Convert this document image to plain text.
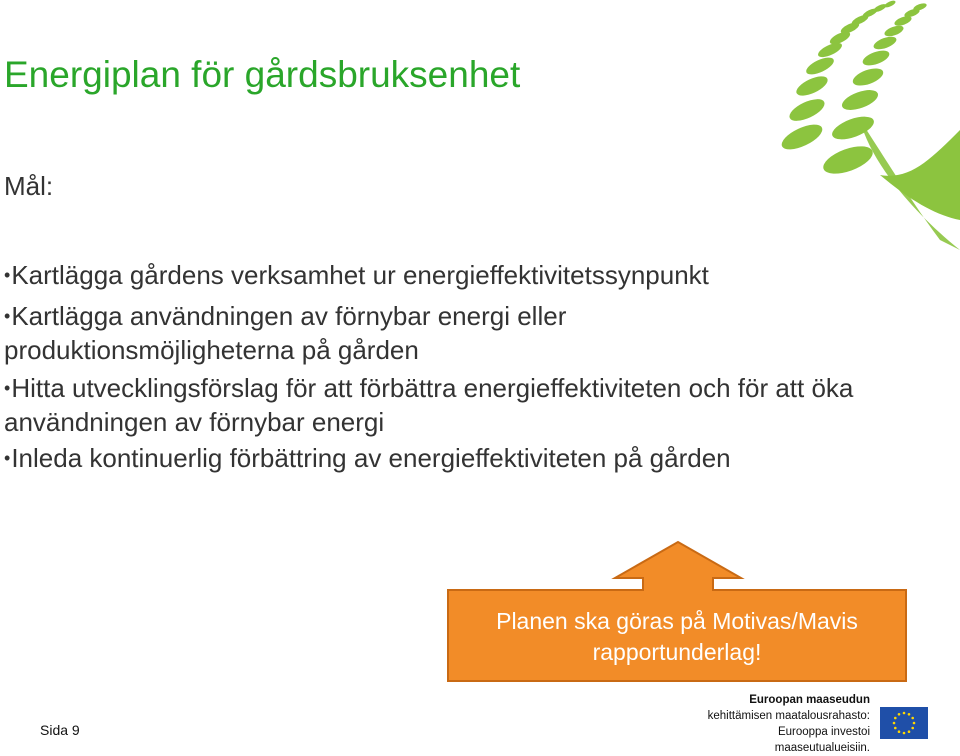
Energiplan för gårdsbruksenhet
Mål:
•Kartlägga gårdens verksamhet ur energieffektivitetssynpunkt
•Kartlägga användningen av förnybar energi eller produktionsmöjligheterna på gården
•Hitta utvecklingsförslag för att förbättra energieffektiviteten och för att öka användningen av förnybar energi
•Inleda kontinuerlig förbättring av energieffektiviteten på gården
Planen ska göras på Motivas/Mavis
rapportunderlag!
Sida 9
Euroopan maaseudun
kehittämisen maatalousrahasto:
Eurooppa investoi maaseutualueisiin.
